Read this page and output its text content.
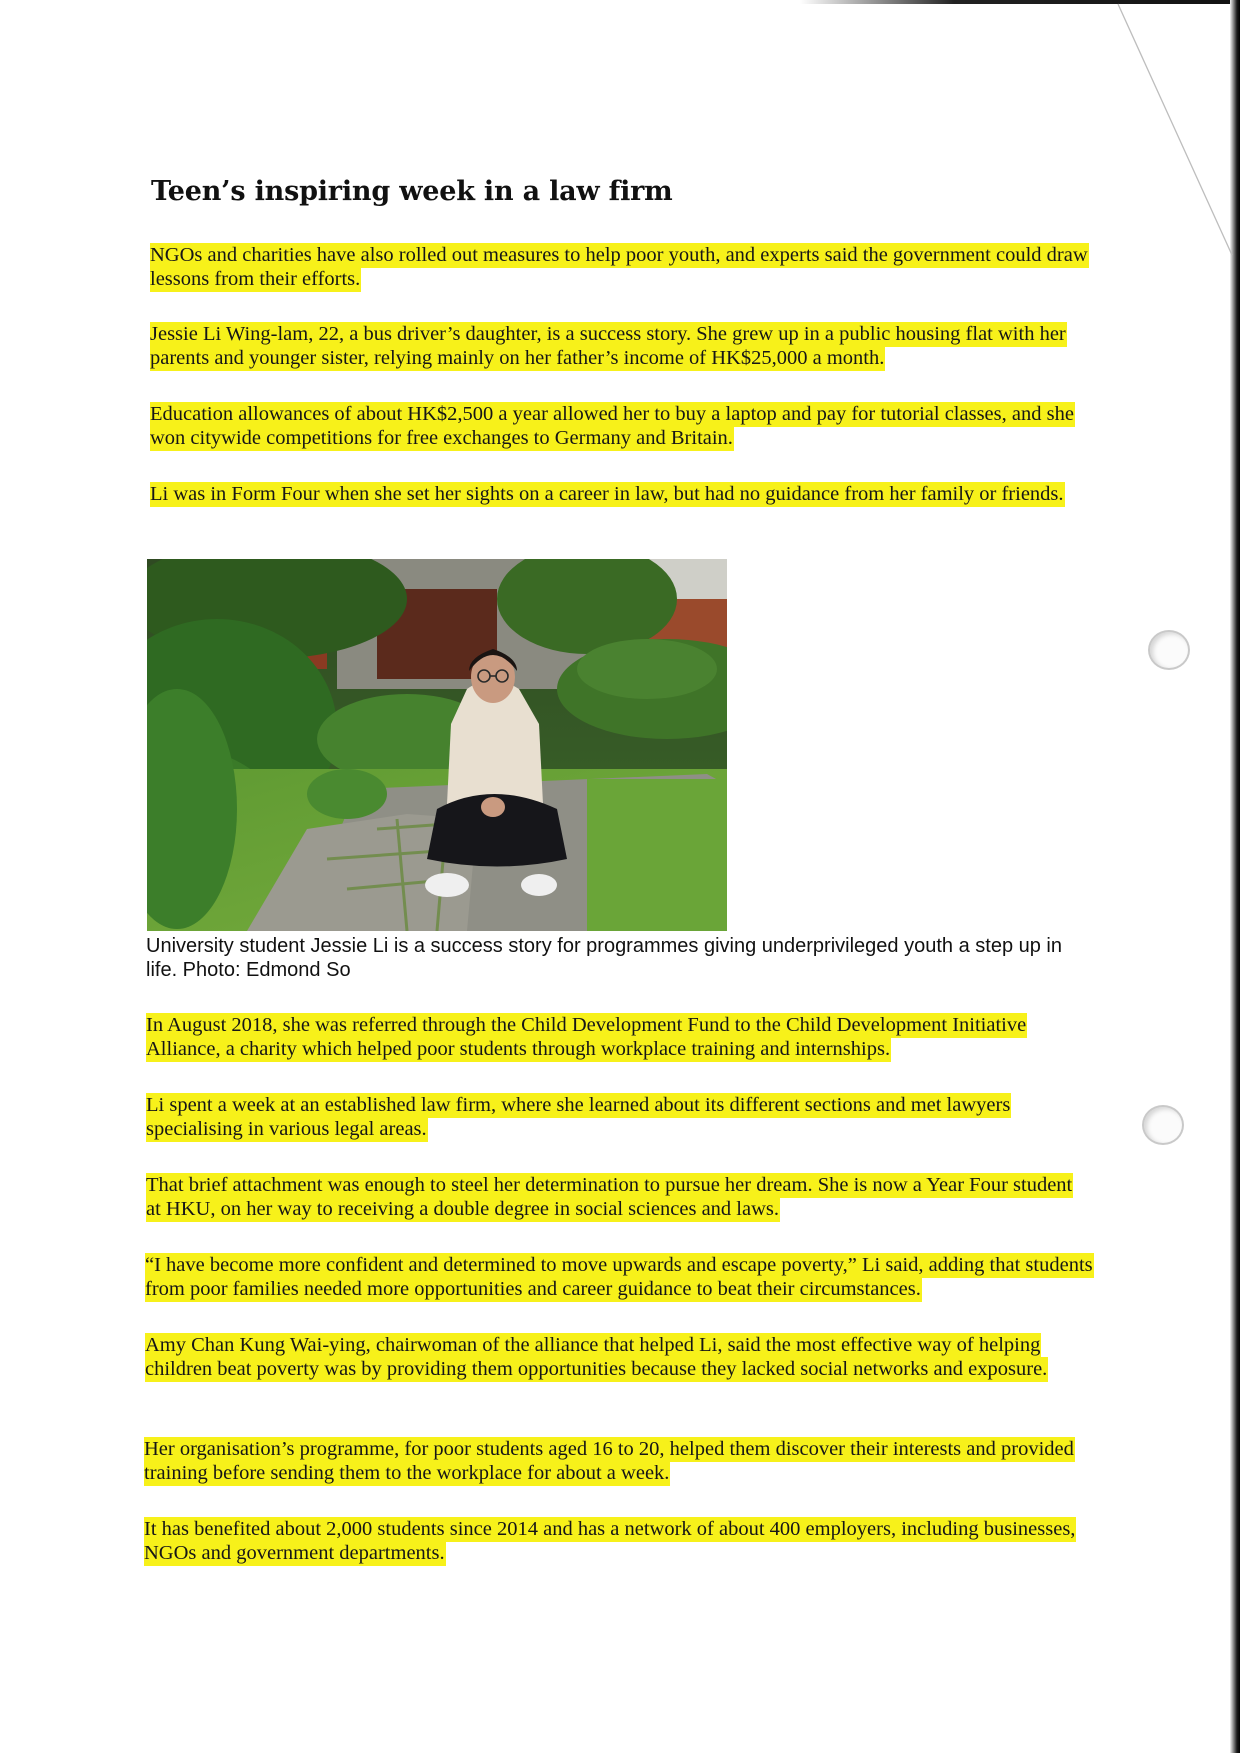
Teen’s inspiring week in a law firm

NGOs and charities have also rolled out measures to help poor youth, and experts said the government could draw lessons from their efforts.

Jessie Li Wing-lam, 22, a bus driver’s daughter, is a success story. She grew up in a public housing flat with her parents and younger sister, relying mainly on her father’s income of HK$25,000 a month.

Education allowances of about HK$2,500 a year allowed her to buy a laptop and pay for tutorial classes, and she won citywide competitions for free exchanges to Germany and Britain.

Li was in Form Four when she set her sights on a career in law, but had no guidance from her family or friends.

University student Jessie Li is a success story for programmes giving underprivileged youth a step up in life. Photo: Edmond So

In August 2018, she was referred through the Child Development Fund to the Child Development Initiative Alliance, a charity which helped poor students through workplace training and internships.

Li spent a week at an established law firm, where she learned about its different sections and met lawyers specialising in various legal areas.

That brief attachment was enough to steel her determination to pursue her dream. She is now a Year Four student at HKU, on her way to receiving a double degree in social sciences and laws.

“I have become more confident and determined to move upwards and escape poverty,” Li said, adding that students from poor families needed more opportunities and career guidance to beat their circumstances.

Amy Chan Kung Wai-ying, chairwoman of the alliance that helped Li, said the most effective way of helping children beat poverty was by providing them opportunities because they lacked social networks and exposure.

Her organisation’s programme, for poor students aged 16 to 20, helped them discover their interests and provided training before sending them to the workplace for about a week.

It has benefited about 2,000 students since 2014 and has a network of about 400 employers, including businesses, NGOs and government departments.
